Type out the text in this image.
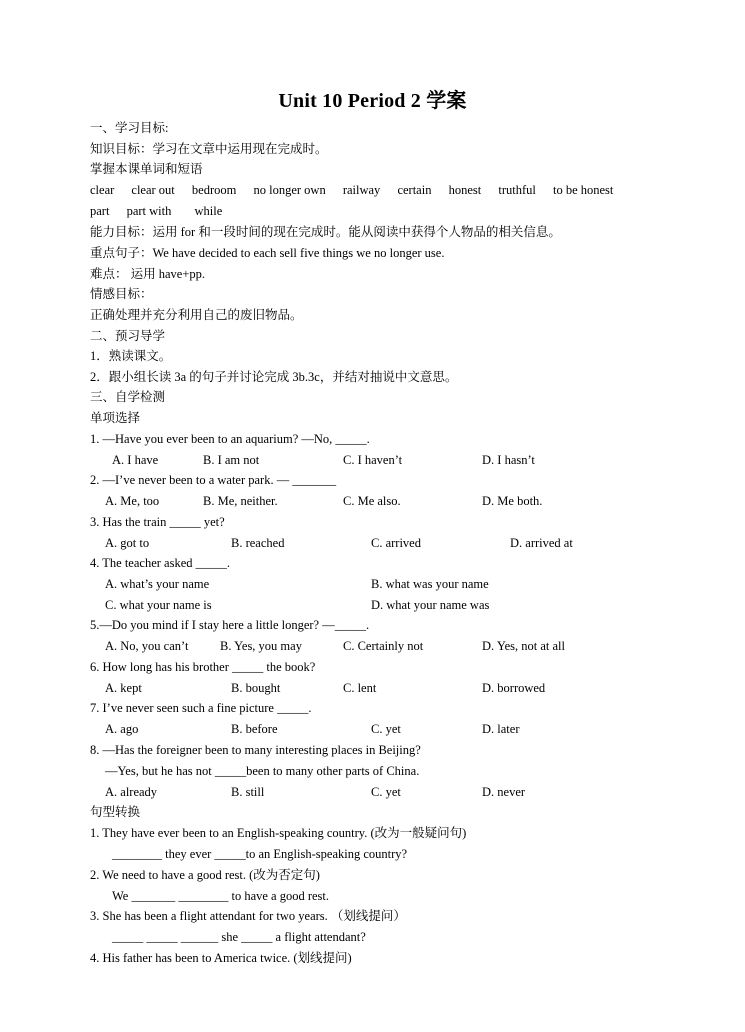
Unit 10 Period 2 学案
一、学习目标:
知识目标：学习在文章中运用现在完成时。
掌握本课单词和短语
clear clear out bedroom no longer own railway certain honest truthful to be honest
part part with while
能力目标：运用 for 和一段时间的现在完成时。能从阅读中获得个人物品的相关信息。
重点句子：We have decided to each sell five things we no longer use.
难点： 运用 have+pp.
情感目标：
正确处理并充分利用自己的废旧物品。
二、预习导学
1．熟读课文。
2．跟小组长读 3a 的句子并讨论完成 3b.3c，并结对抽说中文意思。
三、自学检测
单项选择
1. —Have you ever been to an aquarium? —No, _____.
A. I have	B. I am not	C. I haven’t	D. I hasn’t
2. —I’ve never been to a water park. — _______
A. Me, too	B. Me, neither.	C. Me also.	D. Me both.
3. Has the train _____ yet?
A. got to	B. reached	C. arrived	D. arrived at
4. The teacher asked _____.
A. what’s your name	B. what was your name
C. what your name is	D. what your name was
5.—Do you mind if I stay here a little longer? —_____.
A. No, you can’t	B. Yes, you may	C. Certainly not	D. Yes, not at all
6. How long has his brother _____ the book?
A. kept	B. bought	C. lent	D. borrowed
7. I’ve never seen such a fine picture _____.
A. ago	B. before	C. yet	D. later
8. —Has the foreigner been to many interesting places in Beijing?
—Yes, but he has not _____been to many other parts of China.
A. already	B. still	C. yet	D. never
句型转换
1. They have ever been to an English-speaking country. (改为一般疑问句)
________ they ever _____to an English-speaking country?
2. We need to have a good rest. (改为否定句)
We _______ ________ to have a good rest.
3. She has been a flight attendant for two years. （划线提问）
_____ _____ ______ she _____ a flight attendant?
4. His father has been to America twice. (划线提问)
